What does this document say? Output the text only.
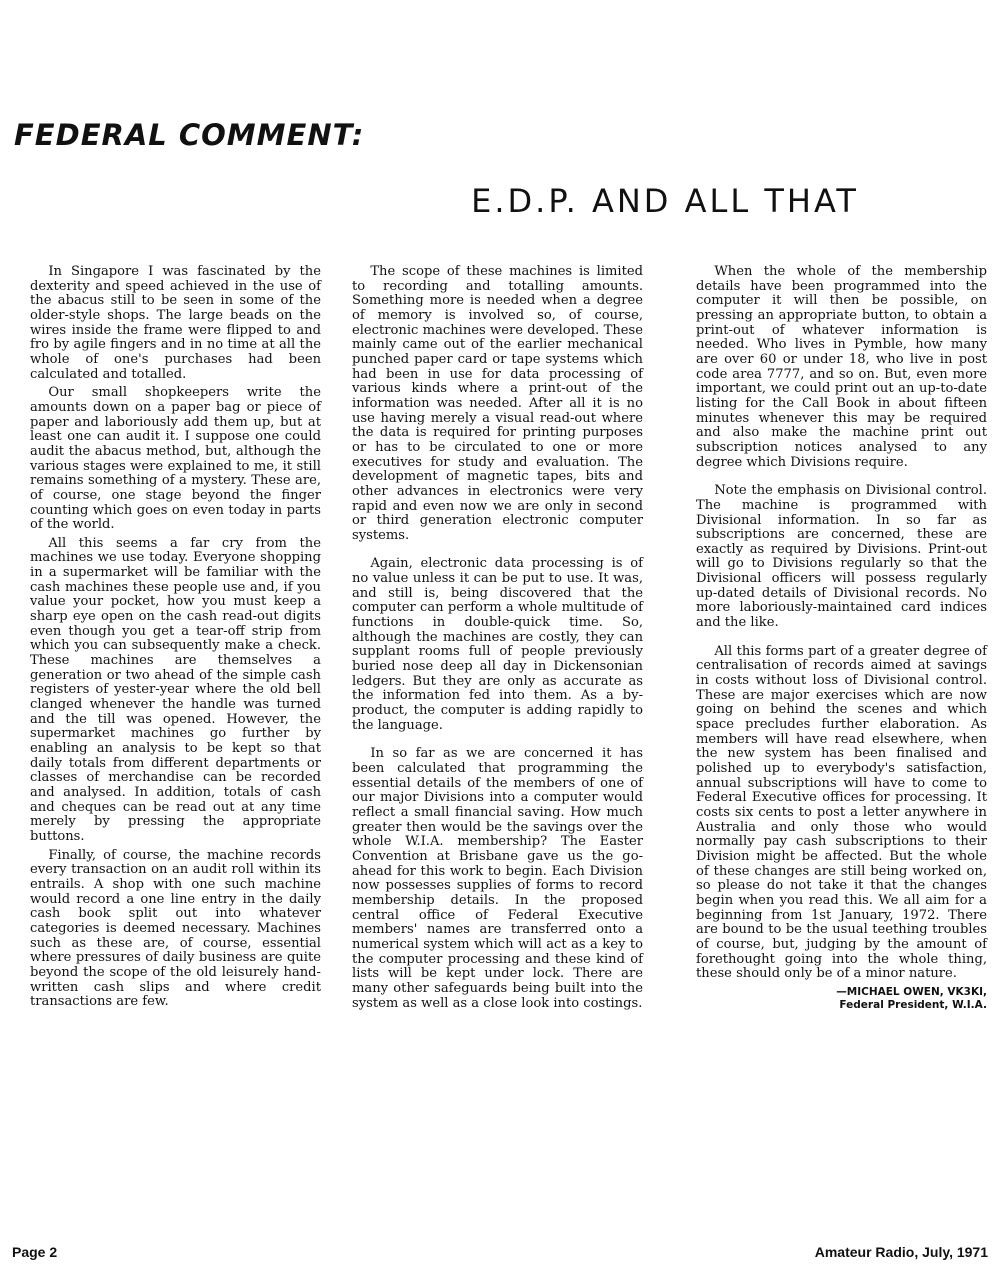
FEDERAL COMMENT:
E.D.P. AND ALL THAT

In Singapore I was fascinated by the dexterity and speed achieved in the use of the abacus still to be seen in some of the older-style shops. The large beads on the wires inside the frame were flipped to and fro by agile fingers and in no time at all the whole of one's purchases had been calculated and totalled.

Our small shopkeepers write the amounts down on a paper bag or piece of paper and laboriously add them up, but at least one can audit it. I suppose one could audit the abacus method, but, although the various stages were explained to me, it still remains something of a mystery. These are, of course, one stage beyond the finger counting which goes on even today in parts of the world.

All this seems a far cry from the machines we use today. Everyone shopping in a supermarket will be familiar with the cash machines these people use and, if you value your pocket, how you must keep a sharp eye open on the cash read-out digits even though you get a tear-off strip from which you can subsequently make a check. These machines are themselves a generation or two ahead of the simple cash registers of yester-year where the old bell clanged whenever the handle was turned and the till was opened. However, the supermarket machines go further by enabling an analysis to be kept so that daily totals from different departments or classes of merchandise can be recorded and analysed. In addition, totals of cash and cheques can be read out at any time merely by pressing the appropriate buttons.

Finally, of course, the machine records every transaction on an audit roll within its entrails. A shop with one such machine would record a one line entry in the daily cash book split out into whatever categories is deemed necessary. Machines such as these are, of course, essential where pressures of daily business are quite beyond the scope of the old leisurely hand-written cash slips and where credit transactions are few.

The scope of these machines is limited to recording and totalling amounts. Something more is needed when a degree of memory is involved so, of course, electronic machines were developed. These mainly came out of the earlier mechanical punched paper card or tape systems which had been in use for data processing of various kinds where a print-out of the information was needed. After all it is no use having merely a visual read-out where the data is required for printing purposes or has to be circulated to one or more executives for study and evaluation. The development of magnetic tapes, bits and other advances in electronics were very rapid and even now we are only in second or third generation electronic computer systems.

Again, electronic data processing is of no value unless it can be put to use. It was, and still is, being discovered that the computer can perform a whole multitude of functions in double-quick time. So, although the machines are costly, they can supplant rooms full of people previously buried nose deep all day in Dickensonian ledgers. But they are only as accurate as the information fed into them. As a by-product, the computer is adding rapidly to the language.

In so far as we are concerned it has been calculated that programming the essential details of the members of one of our major Divisions into a computer would reflect a small financial saving. How much greater then would be the savings over the whole W.I.A. membership? The Easter Convention at Brisbane gave us the go-ahead for this work to begin. Each Division now possesses supplies of forms to record membership details. In the proposed central office of Federal Executive members' names are transferred onto a numerical system which will act as a key to the computer processing and these kind of lists will be kept under lock. There are many other safeguards being built into the system as well as a close look into costings.

When the whole of the membership details have been programmed into the computer it will then be possible, on pressing an appropriate button, to obtain a print-out of whatever information is needed. Who lives in Pymble, how many are over 60 or under 18, who live in post code area 7777, and so on. But, even more important, we could print out an up-to-date listing for the Call Book in about fifteen minutes whenever this may be required and also make the machine print out subscription notices analysed to any degree which Divisions require.

Note the emphasis on Divisional control. The machine is programmed with Divisional information. In so far as subscriptions are concerned, these are exactly as required by Divisions. Print-out will go to Divisions regularly so that the Divisional officers will possess regularly up-dated details of Divisional records. No more laboriously-maintained card indices and the like.

All this forms part of a greater degree of centralisation of records aimed at savings in costs without loss of Divisional control. These are major exercises which are now going on behind the scenes and which space precludes further elaboration. As members will have read elsewhere, when the new system has been finalised and polished up to everybody's satisfaction, annual subscriptions will have to come to Federal Executive offices for processing. It costs six cents to post a letter anywhere in Australia and only those who would normally pay cash subscriptions to their Division might be affected. But the whole of these changes are still being worked on, so please do not take it that the changes begin when you read this. We all aim for a beginning from 1st January, 1972. There are bound to be the usual teething troubles of course, but, judging by the amount of forethought going into the whole thing, these should only be of a minor nature.

—MICHAEL OWEN, VK3KI,
Federal President, W.I.A.
Page 2	Amateur Radio, July, 1971
